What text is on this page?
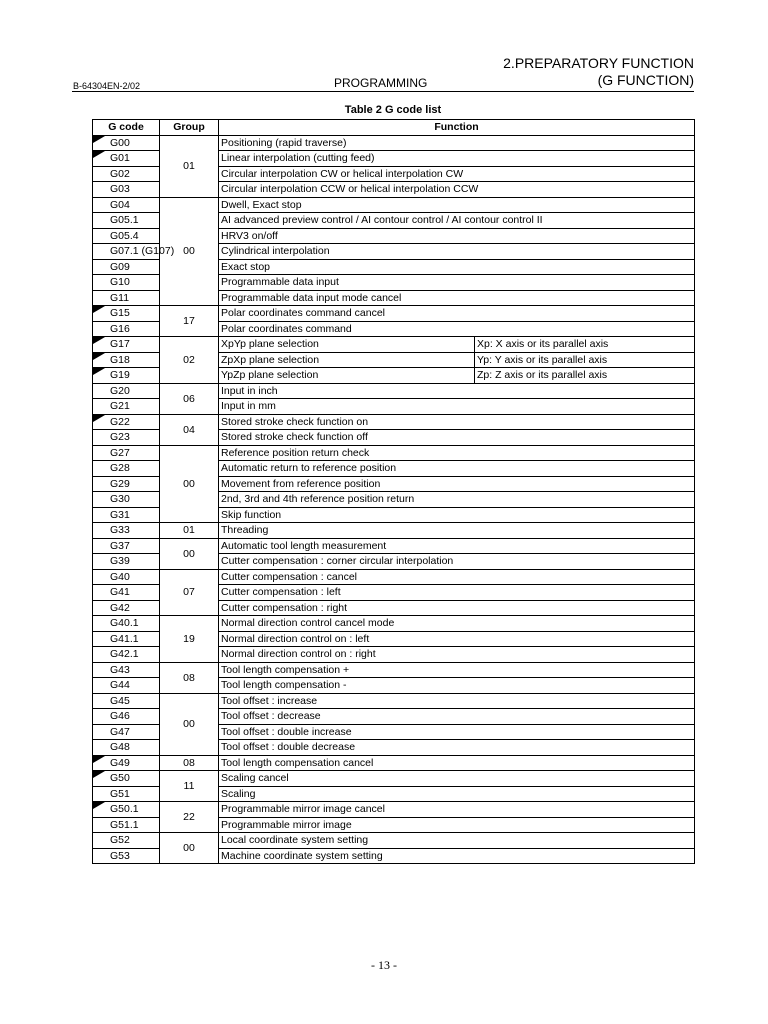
2.PREPARATORY FUNCTION
(G FUNCTION)
B-64304EN-2/02	PROGRAMMING
Table 2 G code list
G code	Group	Function	

G00	01	Positioning (rapid traverse)	

G01		Linear interpolation (cutting feed)	
G02		Circular interpolation CW or helical interpolation CW	
G03		Circular interpolation CCW or helical interpolation CCW	
G04	00	Dwell, Exact stop	
G05.1		AI advanced preview control / AI contour control / AI contour control II	
G05.4		HRV3 on/off	
G07.1 (G107)		Cylindrical interpolation	
G09		Exact stop	
G10		Programmable data input	
G11		Programmable data input mode cancel	

G15	17	Polar coordinates command cancel	
G16		Polar coordinates command	

G17	02	XpYp plane selection	Xp: X axis or its parallel axis

G18		ZpXp plane selection	Yp: Y axis or its parallel axis

G19		YpZp plane selection	Zp: Z axis or its parallel axis
G20	06	Input in inch	
G21		Input in mm	

G22	04	Stored stroke check function on	
G23		Stored stroke check function off	
G27	00	Reference position return check	
G28		Automatic return to reference position	
G29		Movement from reference position	
G30		2nd, 3rd and 4th reference position return	
G31		Skip function	
G33	01	Threading	
G37	00	Automatic tool length measurement	
G39		Cutter compensation : corner circular interpolation	
G40	07	Cutter compensation : cancel	
G41		Cutter compensation : left	
G42		Cutter compensation : right	
G40.1	19	Normal direction control cancel mode	
G41.1		Normal direction control on : left	
G42.1		Normal direction control on : right	
G43	08	Tool length compensation +	
G44		Tool length compensation -	
G45	00	Tool offset : increase	
G46		Tool offset : decrease	
G47		Tool offset : double increase	
G48		Tool offset : double decrease	

G49	08	Tool length compensation cancel	

G50	11	Scaling cancel	
G51		Scaling	

G50.1	22	Programmable mirror image cancel	
G51.1		Programmable mirror image	
G52	00	Local coordinate system setting	
G53		Machine coordinate system setting	
- 13 -
